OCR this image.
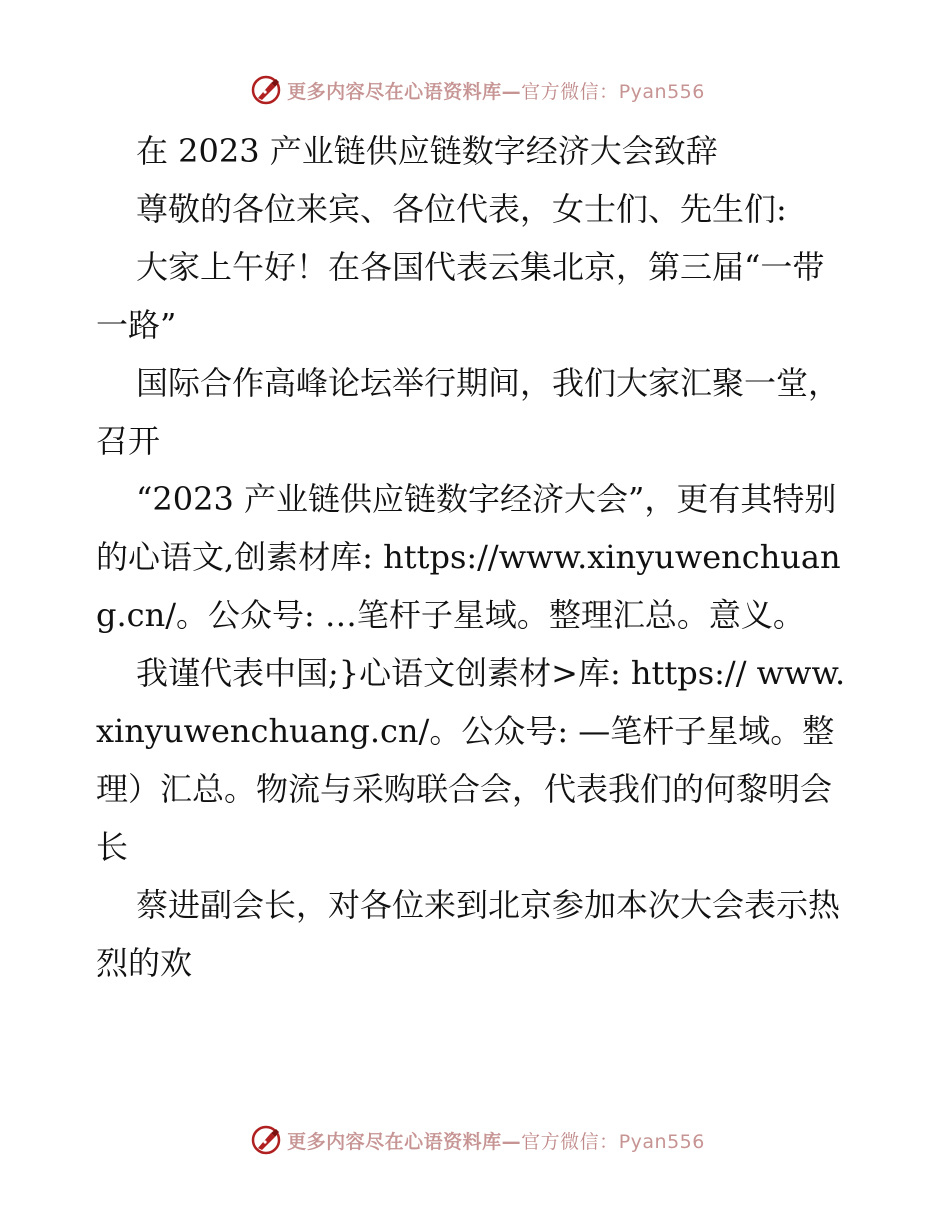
更多内容尽在心语资料库—官方微信：Pyan556

在 2023 产业链供应链数字经济大会致辞

尊敬的各位来宾、各位代表，女士们、先生们:

大家上午好！在各国代表云集北京，第三届“一带一路”

国际合作高峰论坛举行期间，我们大家汇聚一堂，召开

“2023 产业链供应链数字经济大会”，更有其特别的心语文,创素材库: https://www.xinyuwenchuang.cn/。公众号: …笔杆子星域。整理汇总。意义。

我谨代表中国;}心语文创素材>库: https:// www.xinyuwenchuang.cn/。公众号: —笔杆子星域。整理）汇总。物流与采购联合会，代表我们的何黎明会长

蔡进副会长，对各位来到北京参加本次大会表示热烈的欢

更多内容尽在心语资料库—官方微信：Pyan556
